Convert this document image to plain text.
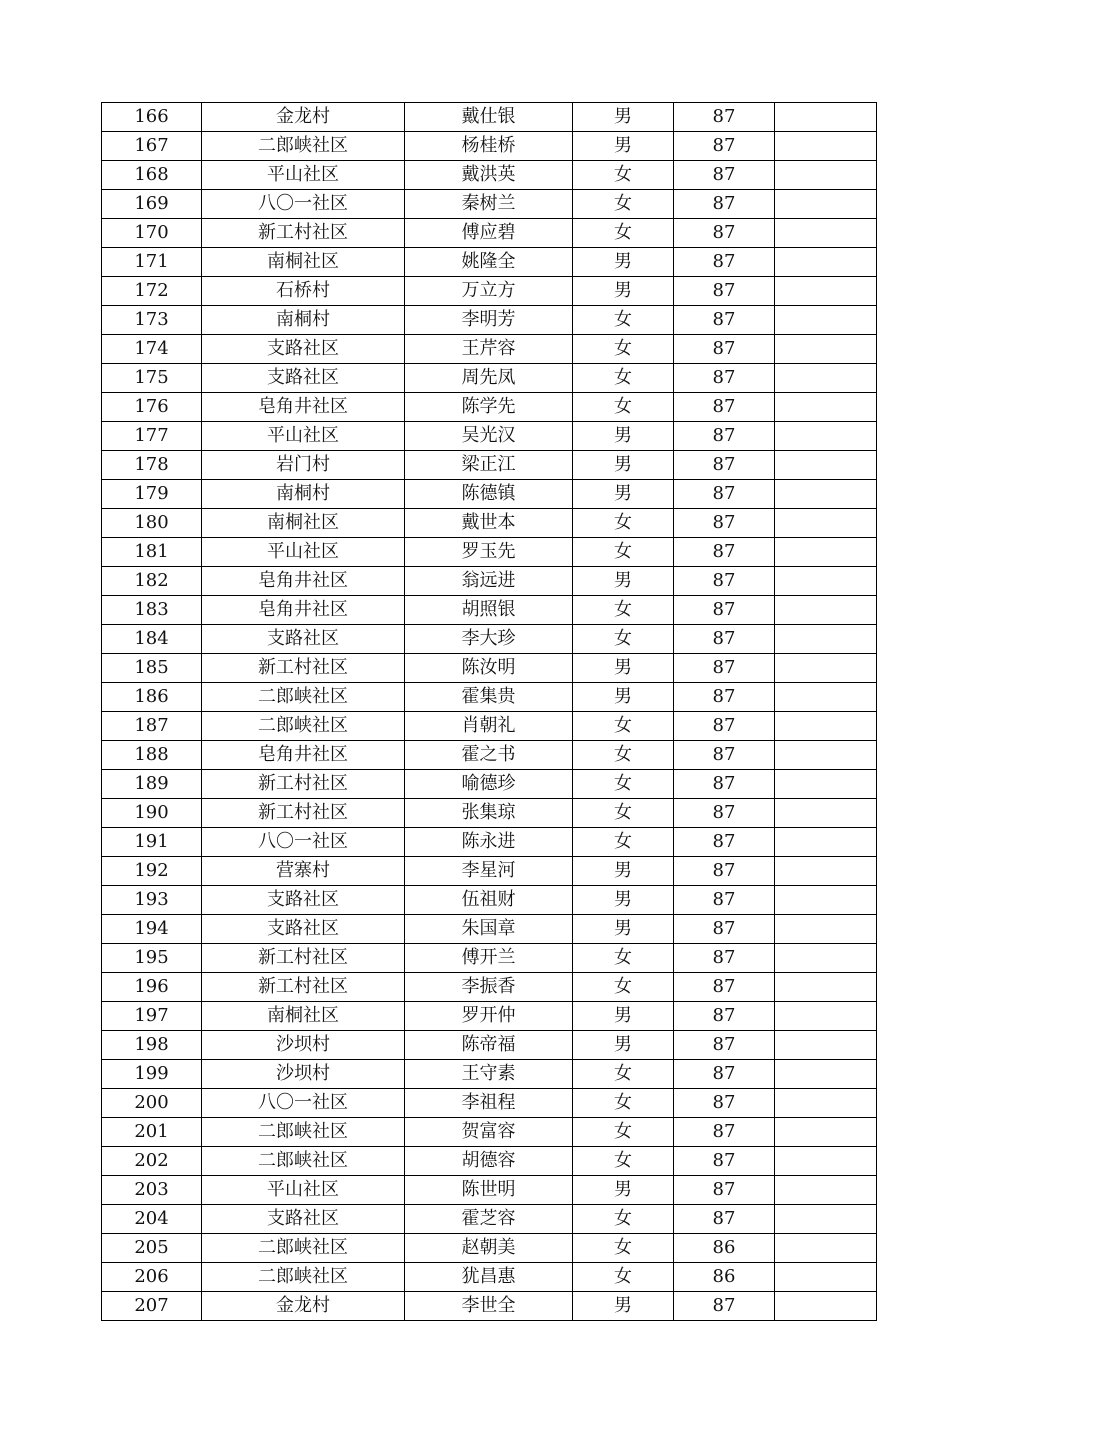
166	金龙村	戴仕银	男	87	
167	二郎峡社区	杨桂桥	男	87	
168	平山社区	戴洪英	女	87	
169	八〇一社区	秦树兰	女	87	
170	新工村社区	傅应碧	女	87	
171	南桐社区	姚隆全	男	87	
172	石桥村	万立方	男	87	
173	南桐村	李明芳	女	87	
174	支路社区	王芹容	女	87	
175	支路社区	周先凤	女	87	
176	皂角井社区	陈学先	女	87	
177	平山社区	吴光汉	男	87	
178	岩门村	梁正江	男	87	
179	南桐村	陈德镇	男	87	
180	南桐社区	戴世本	女	87	
181	平山社区	罗玉先	女	87	
182	皂角井社区	翁远进	男	87	
183	皂角井社区	胡照银	女	87	
184	支路社区	李大珍	女	87	
185	新工村社区	陈汝明	男	87	
186	二郎峡社区	霍集贵	男	87	
187	二郎峡社区	肖朝礼	女	87	
188	皂角井社区	霍之书	女	87	
189	新工村社区	喻德珍	女	87	
190	新工村社区	张集琼	女	87	
191	八〇一社区	陈永进	女	87	
192	营寨村	李星河	男	87	
193	支路社区	伍祖财	男	87	
194	支路社区	朱国章	男	87	
195	新工村社区	傅开兰	女	87	
196	新工村社区	李振香	女	87	
197	南桐社区	罗开仲	男	87	
198	沙坝村	陈帝福	男	87	
199	沙坝村	王守素	女	87	
200	八〇一社区	李祖程	女	87	
201	二郎峡社区	贺富容	女	87	
202	二郎峡社区	胡德容	女	87	
203	平山社区	陈世明	男	87	
204	支路社区	霍芝容	女	87	
205	二郎峡社区	赵朝美	女	86	
206	二郎峡社区	犹昌惠	女	86	
207	金龙村	李世全	男	87	
